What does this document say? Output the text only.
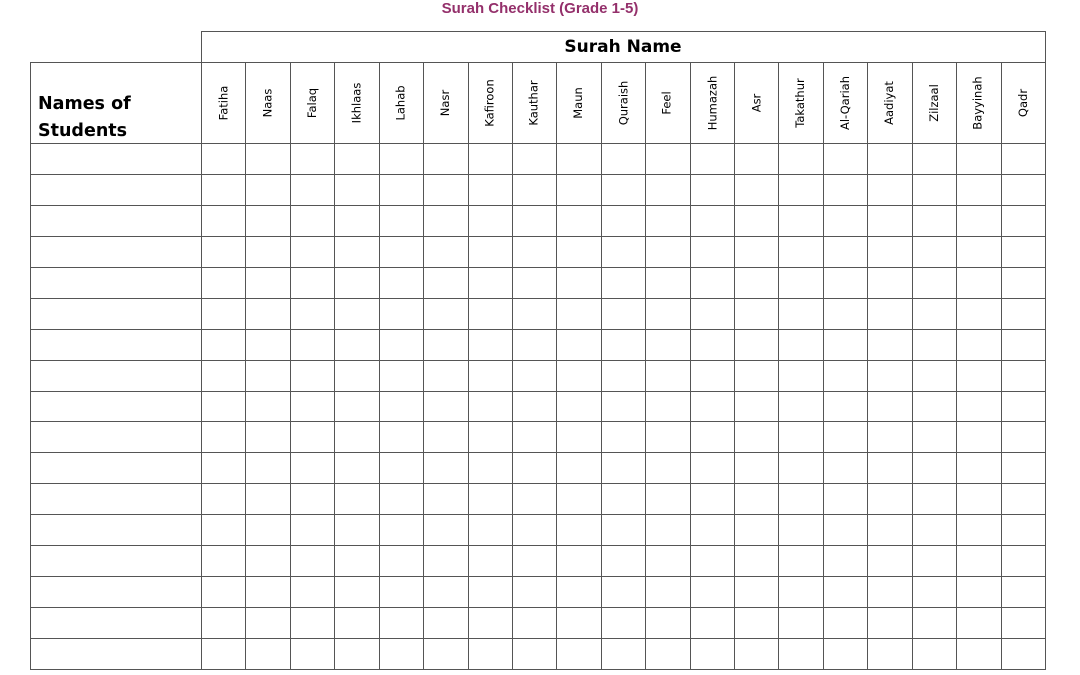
Surah Checklist (Grade 1-5)
Surah Name
Names of
Students
Fatiha	Naas	Falaq	Ikhlaas	Lahab	Nasr	Kafiroon	Kauthar	Maun	Quraish	Feel	Humazah	Asr	Takathur	Al-Qariah	Aadiyat	Zilzaal	Bayyinah	Qadr
